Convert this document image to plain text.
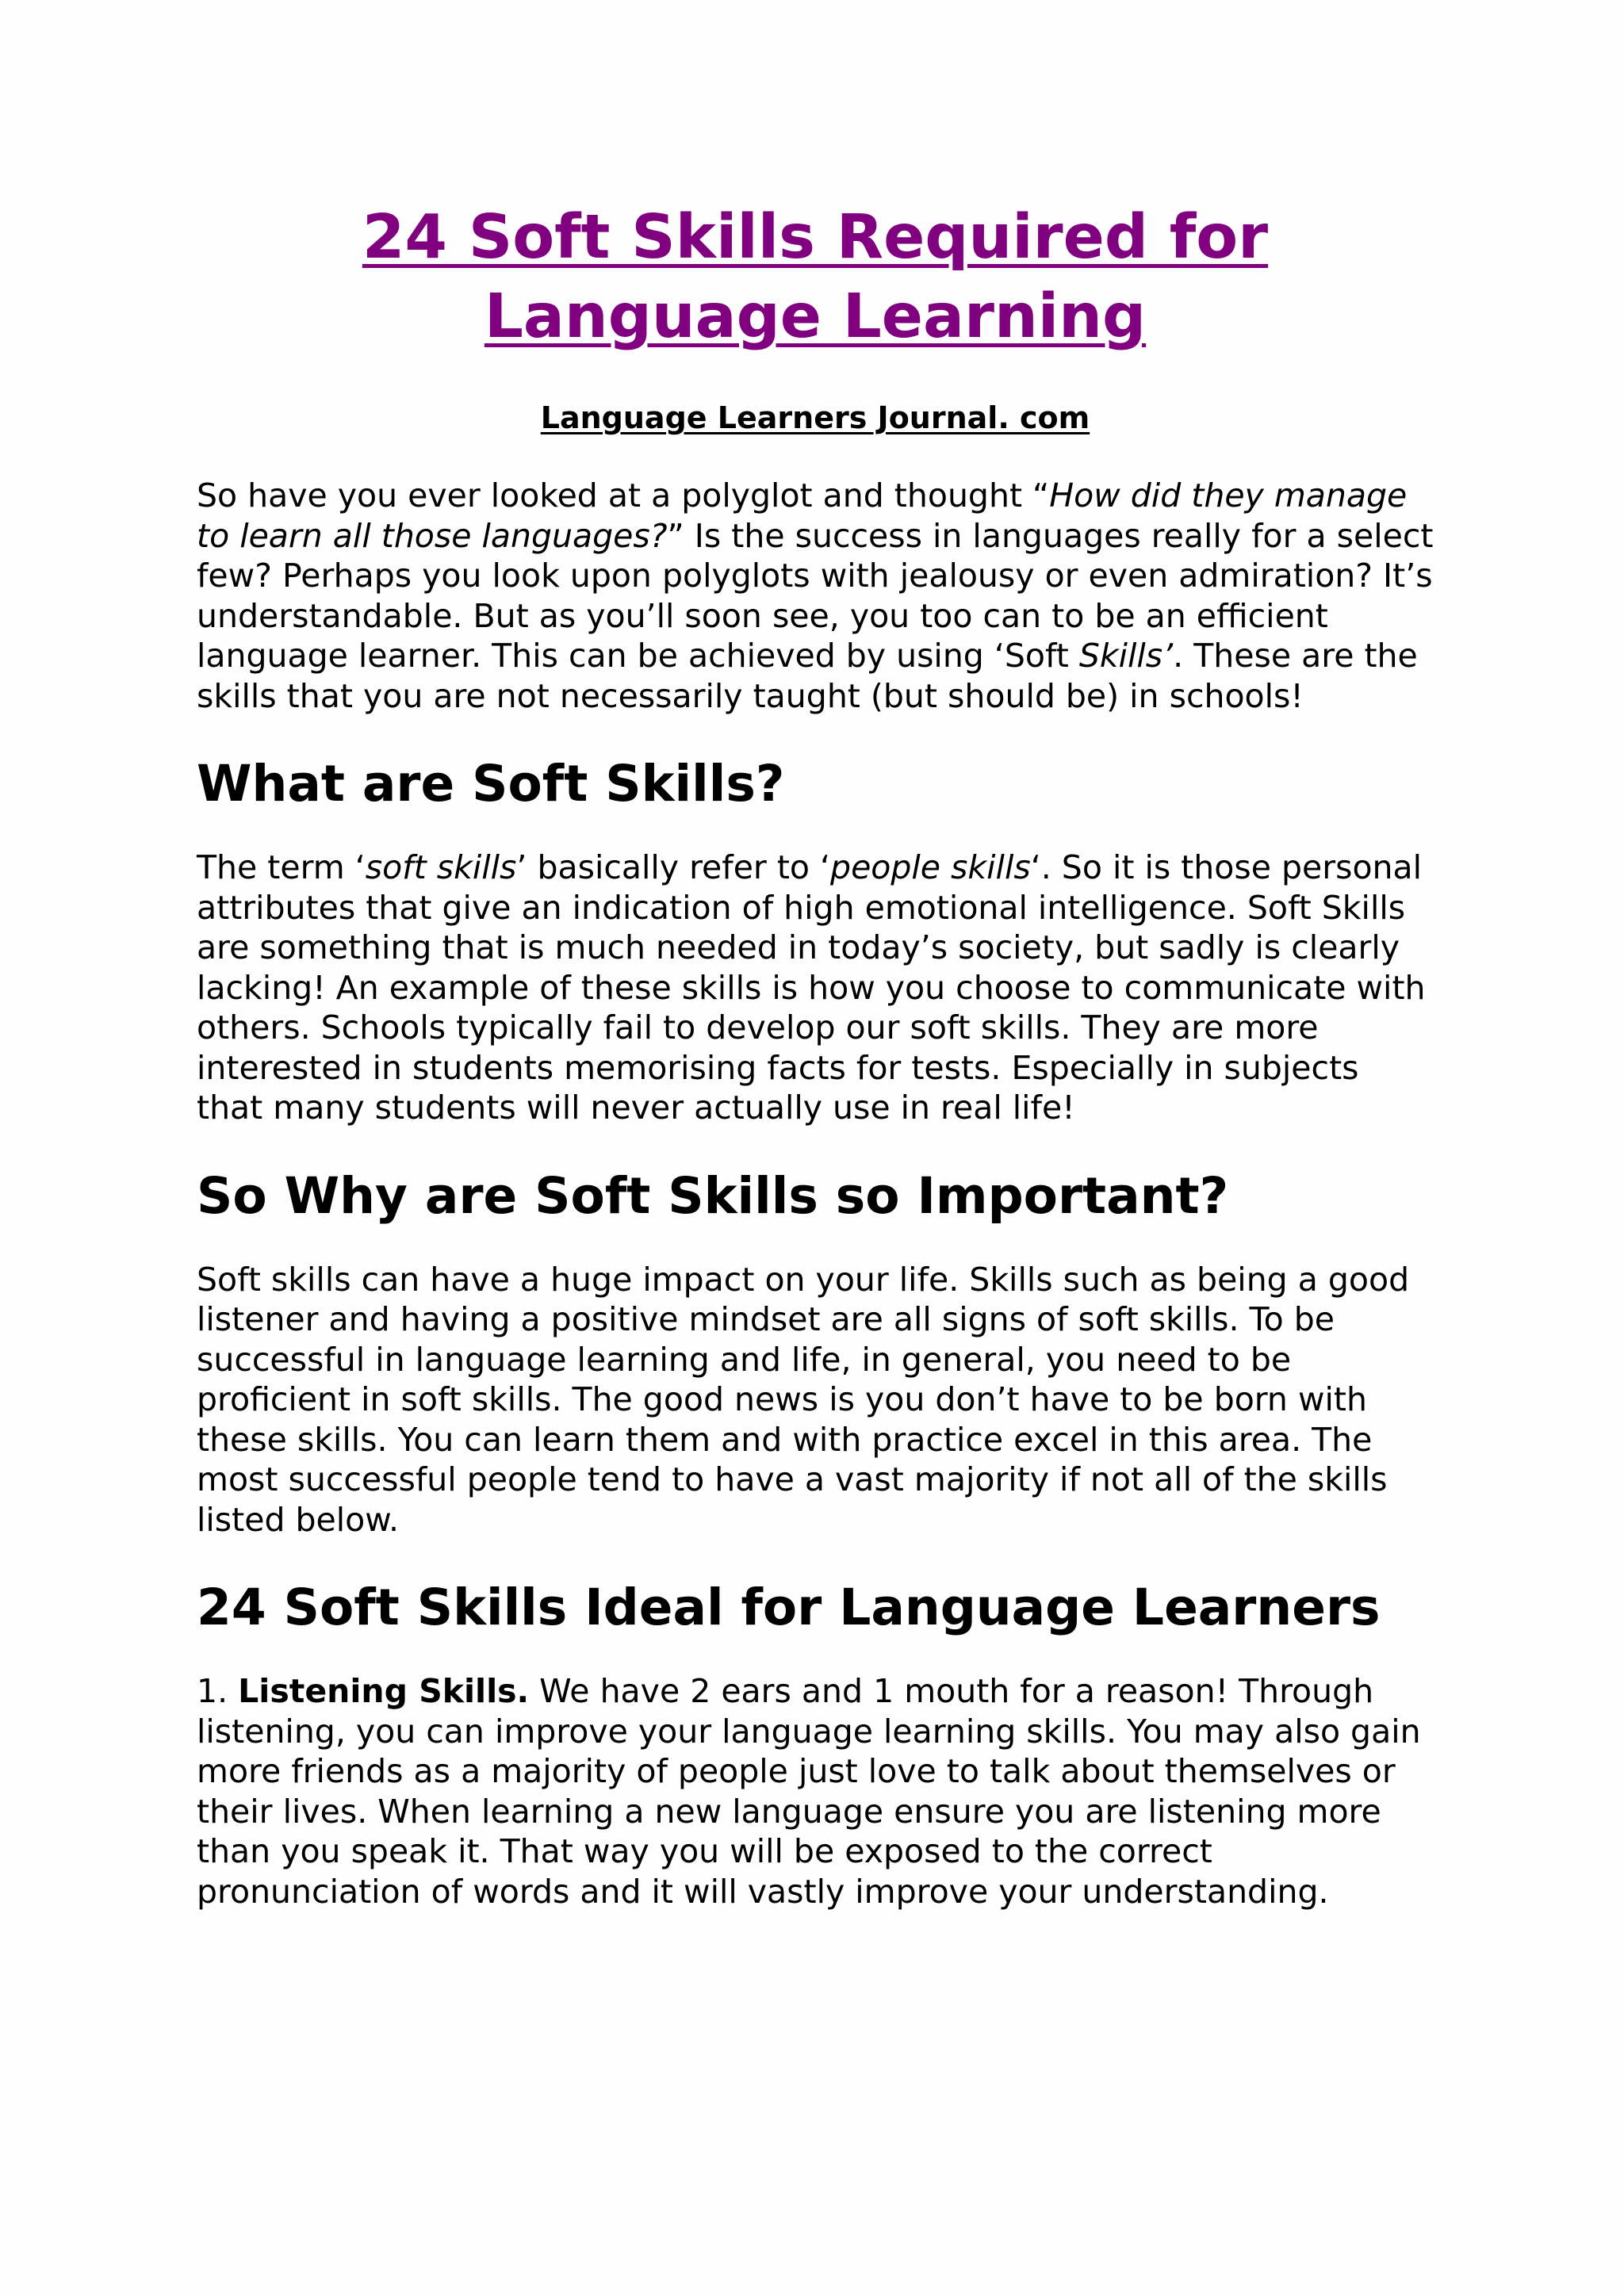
24 Soft Skills Required for
Language Learning
Language Learners Journal. com

So have you ever looked at a polyglot and thought “How did they manage to learn all those languages?” Is the success in languages really for a select few? Perhaps you look upon polyglots with jealousy or even admiration? It’s understandable. But as you’ll soon see, you too can to be an efficient language learner. This can be achieved by using ‘Soft Skills’. These are the skills that you are not necessarily taught (but should be) in schools!

What are Soft Skills?

The term ‘soft skills’ basically refer to ‘people skills‘. So it is those personal attributes that give an indication of high emotional intelligence. Soft Skills are something that is much needed in today’s society, but sadly is clearly lacking! An example of these skills is how you choose to communicate with others. Schools typically fail to develop our soft skills. They are more interested in students memorising facts for tests. Especially in subjects that many students will never actually use in real life!

So Why are Soft Skills so Important?

Soft skills can have a huge impact on your life. Skills such as being a good listener and having a positive mindset are all signs of soft skills. To be successful in language learning and life, in general, you need to be proficient in soft skills. The good news is you don’t have to be born with these skills. You can learn them and with practice excel in this area. The most successful people tend to have a vast majority if not all of the skills listed below.

24 Soft Skills Ideal for Language Learners

1. Listening Skills. We have 2 ears and 1 mouth for a reason! Through listening, you can improve your language learning skills. You may also gain more friends as a majority of people just love to talk about themselves or their lives. When learning a new language ensure you are listening more than you speak it. That way you will be exposed to the correct pronunciation of words and it will vastly improve your understanding.
